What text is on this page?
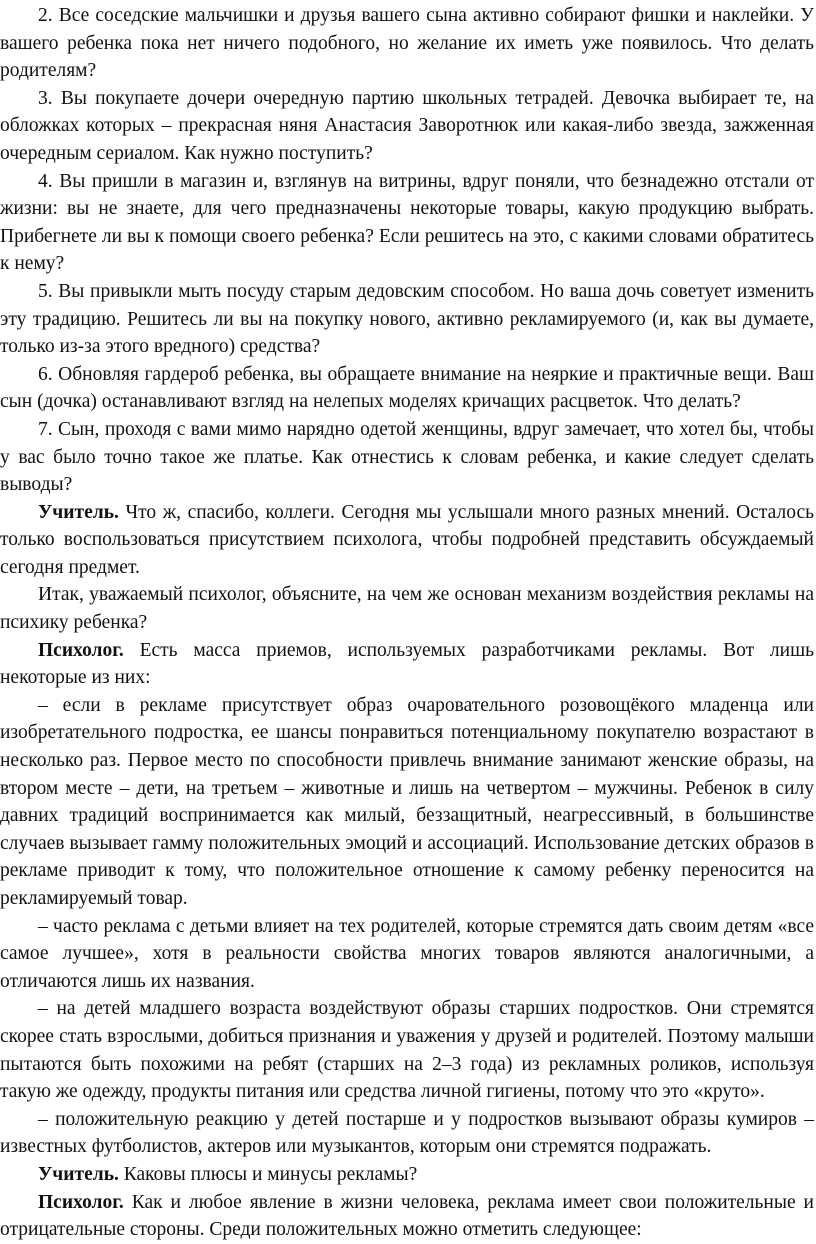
2. Все соседские мальчишки и друзья вашего сына активно собирают фишки и наклейки. У вашего ребенка пока нет ничего подобного, но желание их иметь уже появилось. Что делать родителям?

3. Вы покупаете дочери очередную партию школьных тетрадей. Девочка выбирает те, на обложках которых – прекрасная няня Анастасия Заворотнюк или какая-либо звезда, зажженная очередным сериалом. Как нужно поступить?

4. Вы пришли в магазин и, взглянув на витрины, вдруг поняли, что безнадежно отстали от жизни: вы не знаете, для чего предназначены некоторые товары, какую продукцию выбрать. Прибегнете ли вы к помощи своего ребенка? Если решитесь на это, с какими словами обратитесь к нему?

5. Вы привыкли мыть посуду старым дедовским способом. Но ваша дочь советует изменить эту традицию. Решитесь ли вы на покупку нового, активно рекламируемого (и, как вы думаете, только из-за этого вредного) средства?

6. Обновляя гардероб ребенка, вы обращаете внимание на неяркие и практичные вещи. Ваш сын (дочка) останавливают взгляд на нелепых моделях кричащих расцветок. Что делать?

7. Сын, проходя с вами мимо нарядно одетой женщины, вдруг замечает, что хотел бы, чтобы у вас было точно такое же платье. Как отнестись к словам ребенка, и какие следует сделать выводы?

Учитель. Что ж, спасибо, коллеги. Сегодня мы услышали много разных мнений. Осталось только воспользоваться присутствием психолога, чтобы подробней представить обсуждаемый сегодня предмет.

Итак, уважаемый психолог, объясните, на чем же основан механизм воздействия рекламы на психику ребенка?

Психолог. Есть масса приемов, используемых разработчиками рекламы. Вот лишь некоторые из них:

– если в рекламе присутствует образ очаровательного розовощёкого младенца или изобретательного подростка, ее шансы понравиться потенциальному покупателю возрастают в несколько раз. Первое место по способности привлечь внимание занимают женские образы, на втором месте – дети, на третьем – животные и лишь на четвертом – мужчины. Ребенок в силу давних традиций воспринимается как милый, беззащитный, неагрессивный, в большинстве случаев вызывает гамму положительных эмоций и ассоциаций. Использование детских образов в рекламе приводит к тому, что положительное отношение к самому ребенку переносится на рекламируемый товар.

– часто реклама с детьми влияет на тех родителей, которые стремятся дать своим детям «все самое лучшее», хотя в реальности свойства многих товаров являются аналогичными, а отличаются лишь их названия.

– на детей младшего возраста воздействуют образы старших подростков. Они стремятся скорее стать взрослыми, добиться признания и уважения у друзей и родителей. Поэтому малыши пытаются быть похожими на ребят (старших на 2–3 года) из рекламных роликов, используя такую же одежду, продукты питания или средства личной гигиены, потому что это «круто».

– положительную реакцию у детей постарше и у подростков вызывают образы кумиров – известных футболистов, актеров или музыкантов, которым они стремятся подражать.

Учитель. Каковы плюсы и минусы рекламы?

Психолог. Как и любое явление в жизни человека, реклама имеет свои положительные и отрицательные стороны. Среди положительных можно отметить следующее:
